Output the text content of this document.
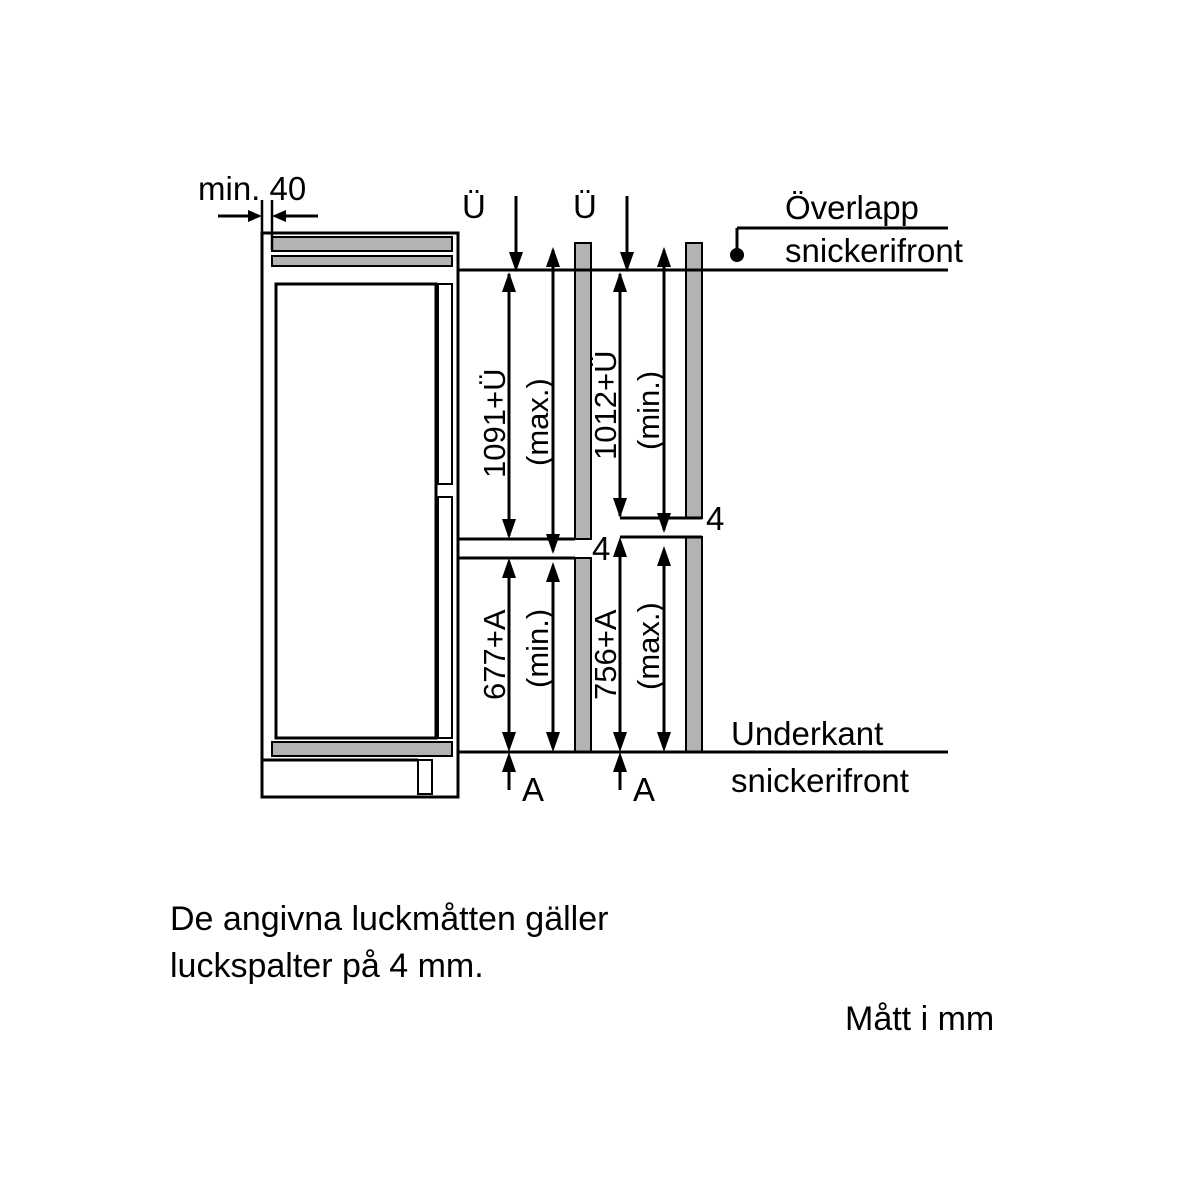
min. 40	Ü	Ü
1091+Ü (max.) 1012+Ü (min.)
4
4
677+A (min.) 756+A (max.)
A	A
Överlapp
snickerifront
Underkant
snickerifront
De angivna luckmåtten gäller
luckspalter på 4 mm.
Mått i mm
